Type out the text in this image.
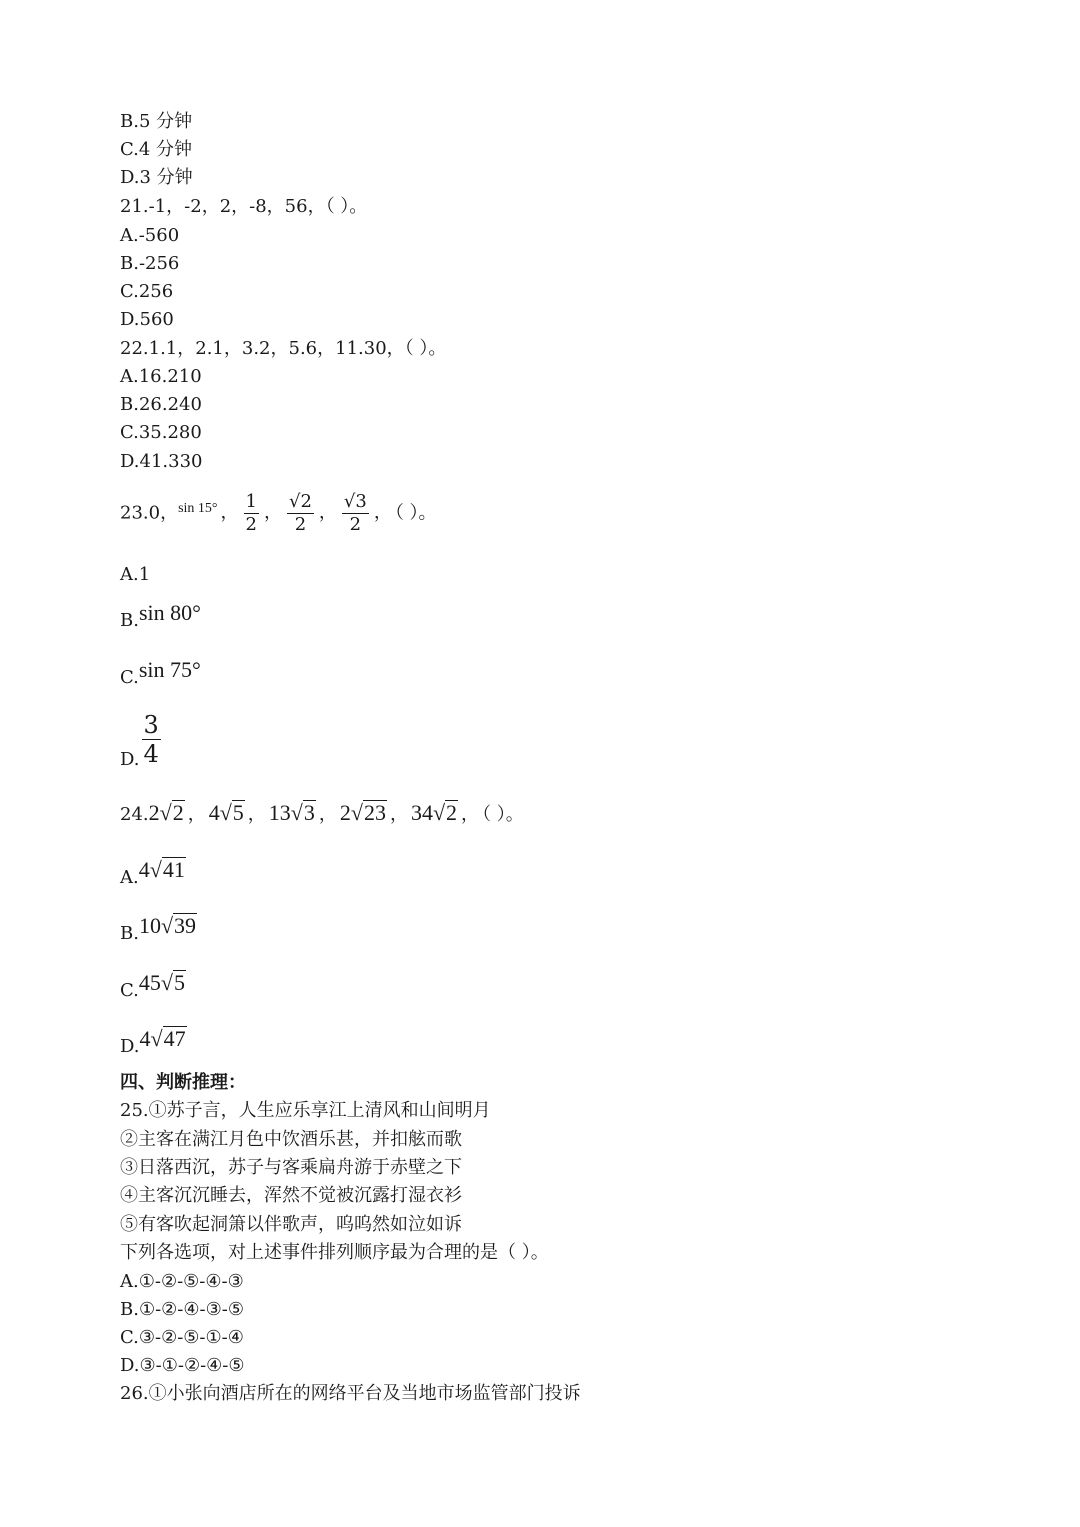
B.5 分钟
C.4 分钟
D.3 分钟
21.-1，-2，2，-8，56，（ ）。
A.-560
B.-256
C.256
D.560
22.1.1，2.1，3.2，5.6，11.30，（ ）。
A.16.210
B.26.240
C.35.280
D.41.330
23.0，sin 15° ， $\frac{1}{2}$ ， $\frac{√2}{2}$ ， $\frac{√3}{2}$ ， （ ）。
A.1
B.sin 80°
C.sin 75°
D. $\frac{3}{4}$
24.2√2 ， 4√5 ， 13√3 ， 2√23 ， 34√2 ， （ ）。
A.4√41
B.10√39
C.45√5
D.4√47
四、判断推理：
25.①苏子言，人生应乐享江上清风和山间明月
②主客在满江月色中饮酒乐甚，并扣舷而歌
③日落西沉，苏子与客乘扁舟游于赤壁之下
④主客沉沉睡去，浑然不觉被沉露打湿衣衫
⑤有客吹起洞箫以伴歌声，呜呜然如泣如诉
下列各选项，对上述事件排列顺序最为合理的是（ ）。
A.①-②-⑤-④-③
B.①-②-④-③-⑤
C.③-②-⑤-①-④
D.③-①-②-④-⑤
26.①小张向酒店所在的网络平台及当地市场监管部门投诉
